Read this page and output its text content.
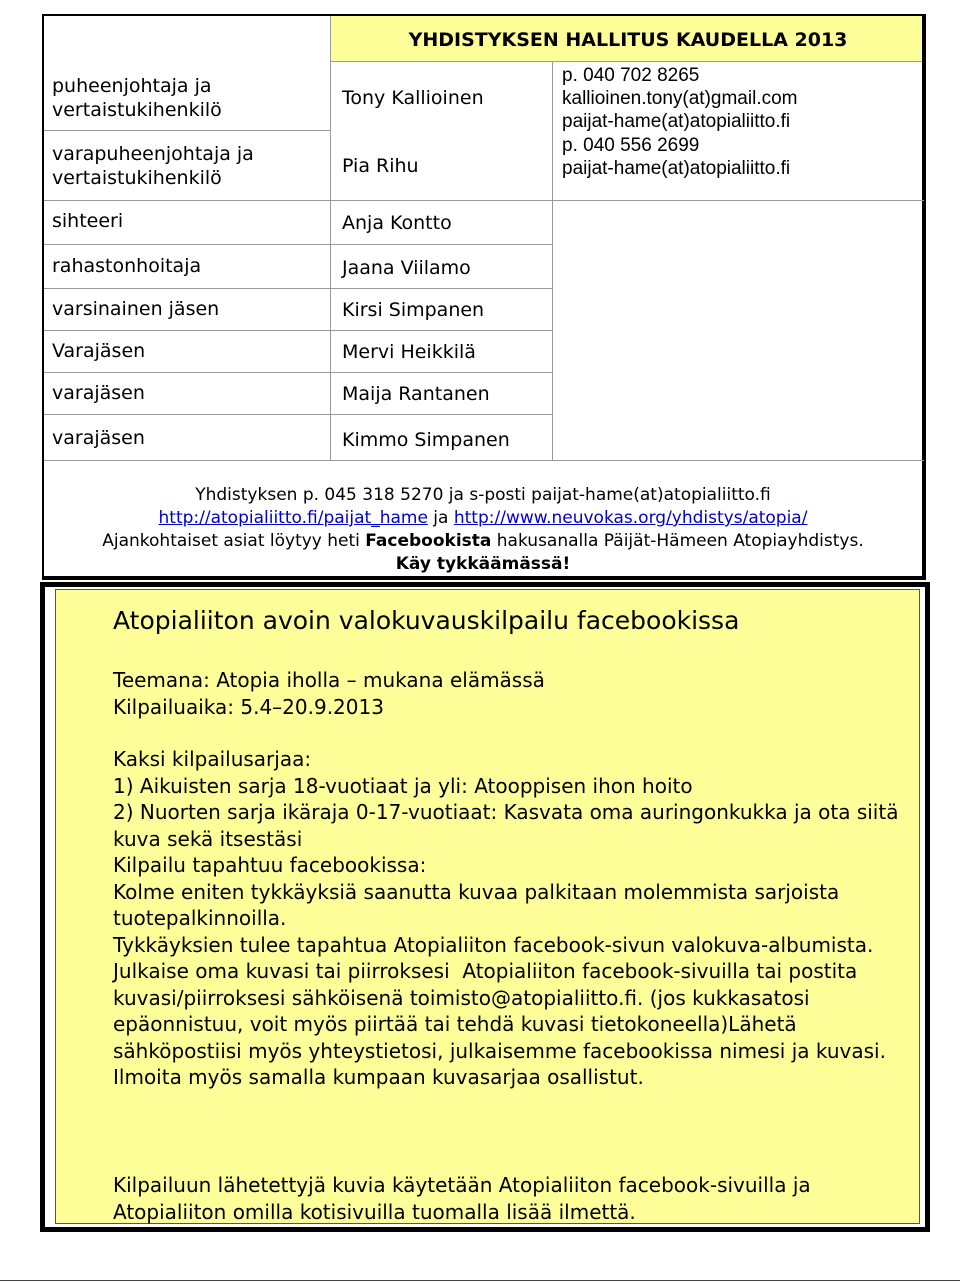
YHDISTYKSEN HALLITUS KAUDELLA 2013
puheenjohtaja ja vertaistukihenkilö
varapuheenjohtaja ja vertaistukihenkilö
sihteeri
rahastonhoitaja
varsinainen jäsen
Varajäsen
varajäsen
varajäsen
Tony Kallioinen
Pia Rihu
Anja Kontto
Jaana Viilamo
Kirsi Simpanen
Mervi Heikkilä
Maija Rantanen
Kimmo Simpanen
p. 040 702 8265
kallioinen.tony(at)gmail.com
paijat-hame(at)atopialiitto.fi
p. 040 556 2699
paijat-hame(at)atopialiitto.fi
Yhdistyksen p. 045 318 5270 ja s-posti paijat-hame(at)atopialiitto.fi
http://atopialiitto.fi/paijat_hame ja http://www.neuvokas.org/yhdistys/atopia/
Ajankohtaiset asiat löytyy heti Facebookista hakusanalla Päijät-Hämeen Atopiayhdistys.
Käy tykkäämässä!
Atopialiiton avoin valokuvauskilpailu facebookissa

Teemana: Atopia iholla – mukana elämässä

Kilpailuaika: 5.4–20.9.2013

Kaksi kilpailusarjaa:

1) Aikuisten sarja 18-vuotiaat ja yli: Atooppisen ihon hoito

2) Nuorten sarja ikäraja 0-17-vuotiaat: Kasvata oma auringonkukka ja ota siitä kuva sekä itsestäsi

Kilpailu tapahtuu facebookissa:

Kolme eniten tykkäyksiä saanutta kuvaa palkitaan molemmista sarjoista tuotepalkinnoilla.

Tykkäyksien tulee tapahtua Atopialiiton facebook-sivun valokuva-albumista.

Julkaise oma kuvasi tai piirroksesi  Atopialiiton facebook-sivuilla tai postita kuvasi/piirroksesi sähköisenä toimisto@atopialiitto.fi. (jos kukkasatosi epäonnistuu, voit myös piirtää tai tehdä kuvasi tietokoneella)Lähetä sähköpostiisi myös yhteystietosi, julkaisemme facebookissa nimesi ja kuvasi. Ilmoita myös samalla kumpaan kuvasarjaa osallistut.

Kilpailuun lähetettyjä kuvia käytetään Atopialiiton facebook-sivuilla ja Atopialiiton omilla kotisivuilla tuomalla lisää ilmettä.
